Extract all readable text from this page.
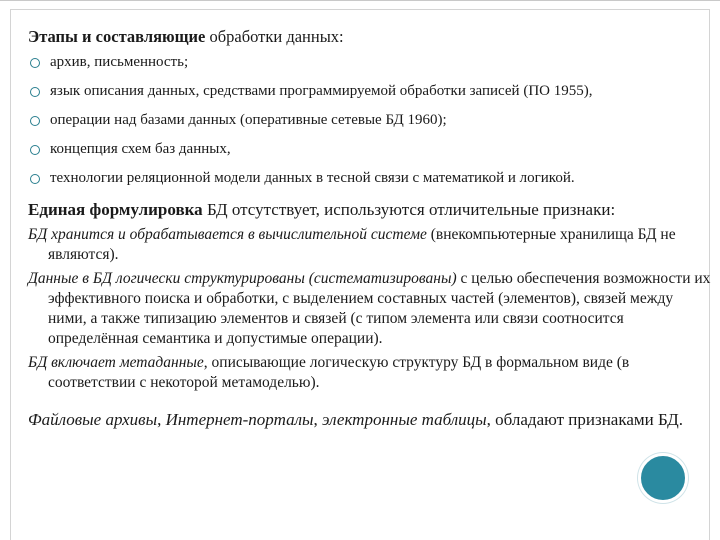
Этапы и составляющие обработки данных:
архив, письменность;
язык описания данных, средствами программируемой обработки записей (ПО 1955),
операции над базами данных (оперативные сетевые БД 1960);
концепция схем баз данных,
технологии реляционной модели данных в тесной связи с математикой и логикой.

Единая формулировка БД отсутствует, используются отличительные признаки:

БД хранится и обрабатывается в вычислительной системе (внекомпьютерные хранилища БД не являются).

Данные в БД логически структурированы (систематизированы) с целью обеспечения возможности их эффективного поиска и обработки, с выделением составных частей (элементов), связей между ними, а также типизацию элементов и связей (с типом элемента или связи соотносится определённая семантика и допустимые операции).

БД включает метаданные, описывающие логическую структуру БД в формальном виде (в соответствии с некоторой метамоделью).

Файловые архивы, Интернет-порталы, электронные таблицы, обладают признаками БД.
